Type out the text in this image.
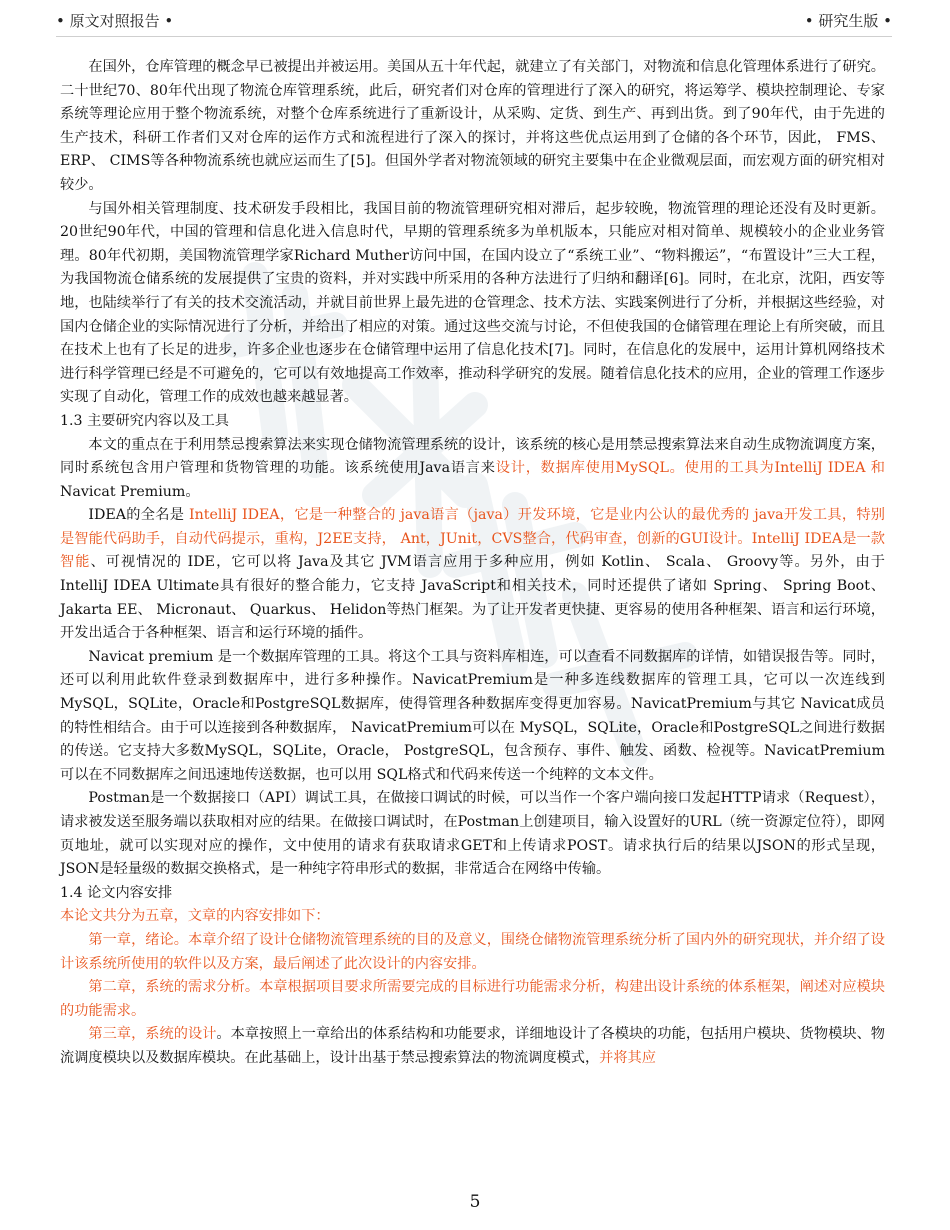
• 原文对照报告 •	• 研究生版 •

在国外，仓库管理的概念早已被提出并被运用。美国从五十年代起，就建立了有关部门，对物流和信息化管理体系进行了研究。二十世纪70、80年代出现了物流仓库管理系统，此后，研究者们对仓库的管理进行了深入的研究，将运筹学、模块控制理论、专家系统等理论应用于整个物流系统，对整个仓库系统进行了重新设计，从采购、定货、到生产、再到出货。到了90年代，由于先进的生产技术，科研工作者们又对仓库的运作方式和流程进行了深入的探讨，并将这些优点运用到了仓储的各个环节，因此， FMS、 ERP、 CIMS等各种物流系统也就应运而生了[5]。但国外学者对物流领域的研究主要集中在企业微观层面，而宏观方面的研究相对较少。

与国外相关管理制度、技术研发手段相比，我国目前的物流管理研究相对滞后，起步较晚，物流管理的理论还没有及时更新。20世纪90年代，中国的管理和信息化进入信息时代，早期的管理系统多为单机版本，只能应对相对简单、规模较小的企业业务管理。80年代初期，美国物流管理学家Richard Muther访问中国，在国内设立了“系统工业”、“物料搬运”，“布置设计”三大工程，为我国物流仓储系统的发展提供了宝贵的资料，并对实践中所采用的各种方法进行了归纳和翻译[6]。同时，在北京，沈阳，西安等地，也陆续举行了有关的技术交流活动，并就目前世界上最先进的仓管理念、技术方法、实践案例进行了分析，并根据这些经验，对国内仓储企业的实际情况进行了分析，并给出了相应的对策。通过这些交流与讨论，不但使我国的仓储管理在理论上有所突破，而且在技术上也有了长足的进步，许多企业也逐步在仓储管理中运用了信息化技术[7]。同时，在信息化的发展中，运用计算机网络技术进行科学管理已经是不可避免的，它可以有效地提高工作效率，推动科学研究的发展。随着信息化技术的应用，企业的管理工作逐步实现了自动化，管理工作的成效也越来越显著。

1.3 主要研究内容以及工具

本文的重点在于利用禁忌搜索算法来实现仓储物流管理系统的设计，该系统的核心是用禁忌搜索算法来自动生成物流调度方案，同时系统包含用户管理和货物管理的功能。该系统使用Java语言来设计，数据库使用MySQL。使用的工具为IntelliJ IDEA 和Navicat Premium。

IDEA的全名是 IntelliJ IDEA，它是一种整合的 java语言（java）开发环境，它是业内公认的最优秀的 java开发工具，特别是智能代码助手，自动代码提示，重构，J2EE支持， Ant，JUnit，CVS整合，代码审查，创新的GUI设计。IntelliJ IDEA是一款智能、可视情况的 IDE，它可以将 Java及其它 JVM语言应用于多种应用，例如 Kotlin、 Scala、 Groovy等。另外，由于 IntelliJ IDEA Ultimate具有很好的整合能力，它支持 JavaScript和相关技术，同时还提供了诸如 Spring、 Spring Boot、 Jakarta EE、 Micronaut、 Quarkus、 Helidon等热门框架。为了让开发者更快捷、更容易的使用各种框架、语言和运行环境，开发出适合于各种框架、语言和运行环境的插件。

Navicat premium 是一个数据库管理的工具。将这个工具与资料库相连，可以查看不同数据库的详情，如错误报告等。同时，还可以利用此软件登录到数据库中，进行多种操作。NavicatPremium是一种多连线数据库的管理工具，它可以一次连线到MySQL，SQLite，Oracle和PostgreSQL数据库，使得管理各种数据库变得更加容易。NavicatPremium与其它 Navicat成员的特性相结合。由于可以连接到各种数据库， NavicatPremium可以在 MySQL，SQLite，Oracle和PostgreSQL之间进行数据的传送。它支持大多数MySQL，SQLite，Oracle， PostgreSQL，包含预存、事件、触发、函数、检视等。NavicatPremium可以在不同数据库之间迅速地传送数据，也可以用 SQL格式和代码来传送一个纯粹的文本文件。

Postman是一个数据接口（API）调试工具，在做接口调试的时候，可以当作一个客户端向接口发起HTTP请求（Request），请求被发送至服务端以获取相对应的结果。在做接口调试时，在Postman上创建项目，输入设置好的URL（统一资源定位符），即网页地址，就可以实现对应的操作，文中使用的请求有获取请求GET和上传请求POST。请求执行后的结果以JSON的形式呈现，JSON是轻量级的数据交换格式，是一种纯字符串形式的数据，非常适合在网络中传输。

1.4 论文内容安排

本论文共分为五章，文章的内容安排如下：

第一章，绪论。本章介绍了设计仓储物流管理系统的目的及意义，围绕仓储物流管理系统分析了国内外的研究现状，并介绍了设计该系统所使用的软件以及方案，最后阐述了此次设计的内容安排。

第二章，系统的需求分析。本章根据项目要求所需要完成的目标进行功能需求分析，构建出设计系统的体系框架，阐述对应模块的功能需求。

第三章，系统的设计。本章按照上一章给出的体系结构和功能要求，详细地设计了各模块的功能，包括用户模块、货物模块、物流调度模块以及数据库模块。在此基础上，设计出基于禁忌搜索算法的物流调度模式，并将其应

5
